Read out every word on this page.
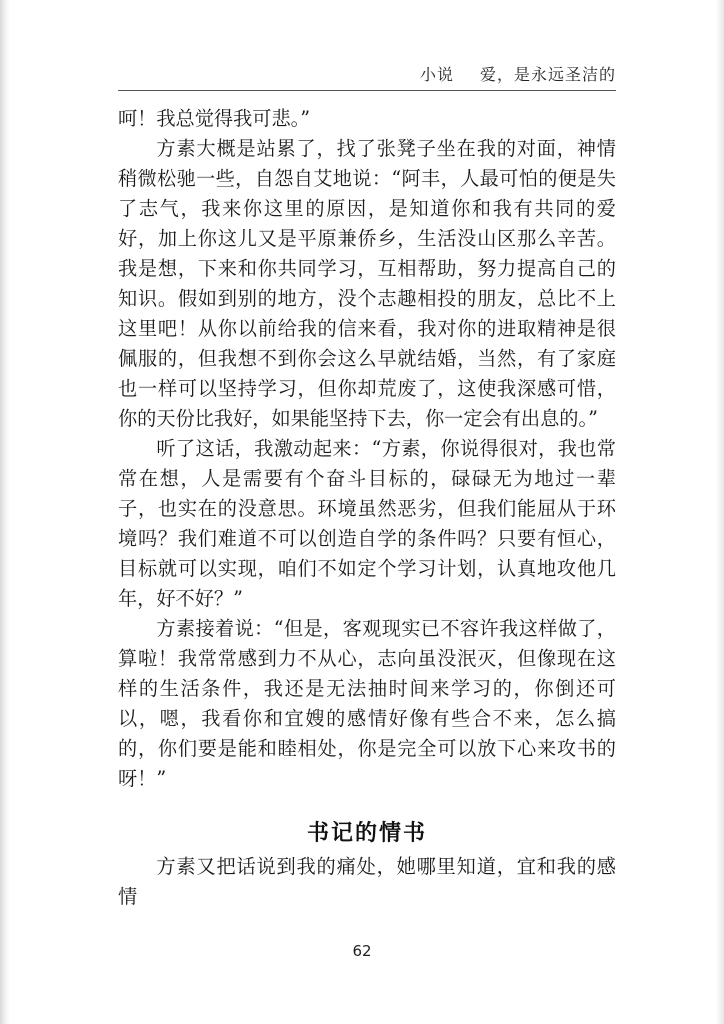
小说 爱，是永远圣洁的

呵！我总觉得我可悲。”

方素大概是站累了，找了张凳子坐在我的对面，神情稍微松驰一些，自怨自艾地说：“阿丰，人最可怕的便是失了志气，我来你这里的原因，是知道你和我有共同的爱好，加上你这儿又是平原兼侨乡，生活没山区那么辛苦。我是想，下来和你共同学习，互相帮助，努力提高自己的知识。假如到别的地方，没个志趣相投的朋友，总比不上这里吧！从你以前给我的信来看，我对你的进取精神是很佩服的，但我想不到你会这么早就结婚，当然，有了家庭也一样可以坚持学习，但你却荒废了，这使我深感可惜，你的天份比我好，如果能坚持下去，你一定会有出息的。”

听了这话，我激动起来：“方素，你说得很对，我也常常在想，人是需要有个奋斗目标的，碌碌无为地过一辈子，也实在的没意思。环境虽然恶劣，但我们能屈从于环境吗？我们难道不可以创造自学的条件吗？只要有恒心，目标就可以实现，咱们不如定个学习计划，认真地攻他几年，好不好？”

方素接着说：“但是，客观现实已不容许我这样做了，算啦！我常常感到力不从心，志向虽没泯灭，但像现在这样的生活条件，我还是无法抽时间来学习的，你倒还可以，嗯，我看你和宜嫂的感情好像有些合不来，怎么搞的，你们要是能和睦相处，你是完全可以放下心来攻书的呀！”

书记的情书

方素又把话说到我的痛处，她哪里知道，宜和我的感情

62
